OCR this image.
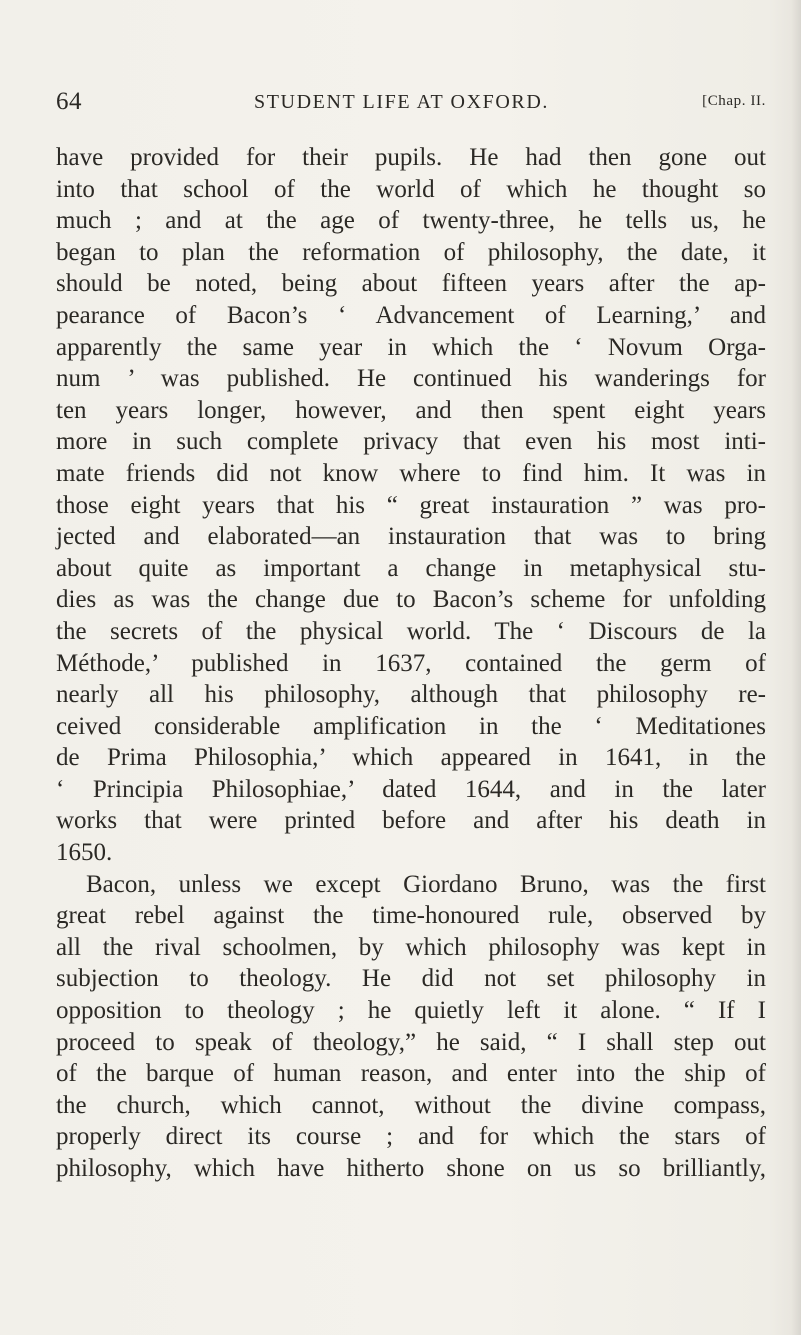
64	STUDENT LIFE AT OXFORD.	[Chap. II.
have provided for their pupils. He had then gone out
into that school of the world of which he thought so
much ; and at the age of twenty-three, he tells us, he
began to plan the reformation of philosophy, the date, it
should be noted, being about fifteen years after the ap-
pearance of Bacon’s ‘ Advancement of Learning,’ and
apparently the same year in which the ‘ Novum Orga-
num ’ was published. He continued his wanderings for
ten years longer, however, and then spent eight years
more in such complete privacy that even his most inti-
mate friends did not know where to find him. It was in
those eight years that his “ great instauration ” was pro-
jected and elaborated—an instauration that was to bring
about quite as important a change in metaphysical stu-
dies as was the change due to Bacon’s scheme for unfolding
the secrets of the physical world. The ‘ Discours de la
Méthode,’ published in 1637, contained the germ of
nearly all his philosophy, although that philosophy re-
ceived considerable amplification in the ‘ Meditationes
de Prima Philosophia,’ which appeared in 1641, in the
‘ Principia Philosophiae,’ dated 1644, and in the later
works that were printed before and after his death in
1650.
Bacon, unless we except Giordano Bruno, was the first
great rebel against the time-honoured rule, observed by
all the rival schoolmen, by which philosophy was kept in
subjection to theology. He did not set philosophy in
opposition to theology ; he quietly left it alone. “ If I
proceed to speak of theology,” he said, “ I shall step out
of the barque of human reason, and enter into the ship of
the church, which cannot, without the divine compass,
properly direct its course ; and for which the stars of
philosophy, which have hitherto shone on us so brilliantly,
